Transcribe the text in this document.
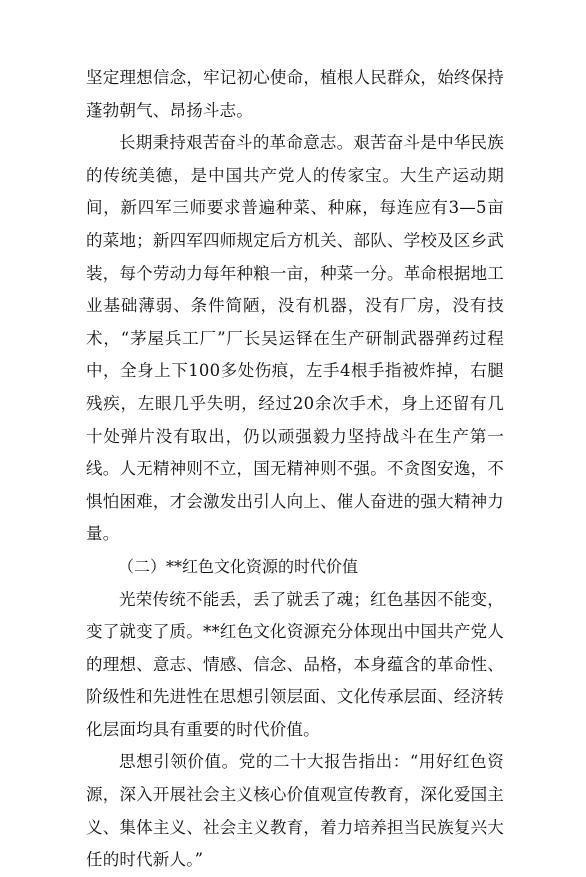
坚定理想信念，牢记初心使命，植根人民群众，始终保持蓬勃朝气、昂扬斗志。

长期秉持艰苦奋斗的革命意志。艰苦奋斗是中华民族的传统美德，是中国共产党人的传家宝。大生产运动期间，新四军三师要求普遍种菜、种麻，每连应有3—5亩的菜地；新四军四师规定后方机关、部队、学校及区乡武装，每个劳动力每年种粮一亩，种菜一分。革命根据地工业基础薄弱、条件简陋，没有机器，没有厂房，没有技术，“茅屋兵工厂”厂长吴运铎在生产研制武器弹药过程中，全身上下100多处伤痕，左手4根手指被炸掉，右腿残疾，左眼几乎失明，经过20余次手术，身上还留有几十处弹片没有取出，仍以顽强毅力坚持战斗在生产第一线。人无精神则不立，国无精神则不强。不贪图安逸，不惧怕困难，才会激发出引人向上、催人奋进的强大精神力量。

（二）**红色文化资源的时代价值

光荣传统不能丢，丢了就丢了魂；红色基因不能变，变了就变了质。**红色文化资源充分体现出中国共产党人的理想、意志、情感、信念、品格，本身蕴含的革命性、阶级性和先进性在思想引领层面、文化传承层面、经济转化层面均具有重要的时代价值。

思想引领价值。党的二十大报告指出：“用好红色资源，深入开展社会主义核心价值观宣传教育，深化爱国主义、集体主义、社会主义教育，着力培养担当民族复兴大任的时代新人。”
